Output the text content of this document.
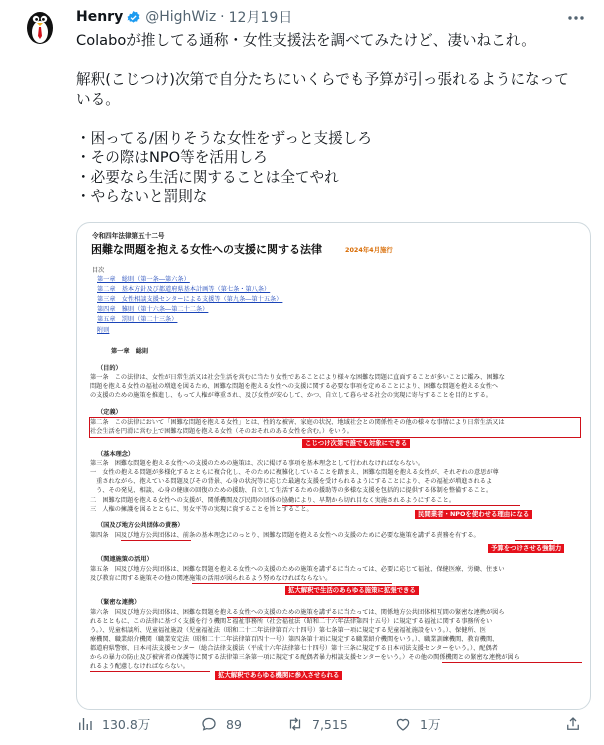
Henry @HighWiz · 12月19日

Colaboが推してる通称・女性支援法を調べてみたけど、凄いねこれ。

解釈(こじつけ)次第で自分たちにいくらでも予算が引っ張れるようになって

いる。

・困ってる/困りそうな女性をずっと支援しろ

・その際はNPO等を活用しろ

・必要なら生活に関することは全てやれ

・やらないと罰則な

令和四年法律第五十二号
困難な問題を抱える女性への支援に関する法律	2024年4月施行
目次
第一章　総則（第一条―第六条）
第二章　基本方針及び都道府県基本計画等（第七条・第八条）
第三章　女性相談支援センターによる支援等（第九条―第十五条）
第四章　雑則（第十六条―第二十二条）
第五章　罰則（第二十三条）
附則
第一章　総則
（目的）
第一条　この法律は、女性が日常生活又は社会生活を営むに当たり女性であることにより様々な困難な問題に直面することが多いことに鑑み、困難な
問題を抱える女性の福祉の増進を図るため、困難な問題を抱える女性への支援に関する必要な事項を定めることにより、困難な問題を抱える女性へ
の支援のための施策を推進し、もって人権が尊重され、及び女性が安心して、かつ、自立して暮らせる社会の実現に寄与することを目的とする。
（定義）
第二条　この法律において「困難な問題を抱える女性」とは、性的な被害、家庭の状況、地域社会との関係性その他の様々な事情により日常生活又は
社会生活を円滑に営む上で困難な問題を抱える女性（そのおそれのある女性を含む。）をいう。
こじつけ次第で誰でも対象にできる
（基本理念）
第三条　困難な問題を抱える女性への支援のための施策は、次に掲げる事項を基本理念として行われなければならない。
一　女性の抱える問題が多様化するとともに複合化し、そのために複雑化していることを踏まえ、困難な問題を抱える女性が、それぞれの意思が尊
　重されながら、抱えている問題及びその背景、心身の状況等に応じた最適な支援を受けられるようにすることにより、その福祉が増進されるよ
　う、その発見、相談、心身の健康の回復のための援助、自立して生活するための援助等の多様な支援を包括的に提供する体制を整備すること。
二　困難な問題を抱える女性への支援が、関係機関及び民間の団体の協働により、早期から切れ目なく実施されるようにすること。
三　人権の擁護を図るとともに、男女平等の実現に資することを旨とすること。
民間業者・NPOを使わせる理由になる
（国及び地方公共団体の責務）
第四条　国及び地方公共団体は、前条の基本理念にのっとり、困難な問題を抱える女性への支援のために必要な施策を講ずる責務を有する。
予算をつけさせる強制力
（関連施策の活用）
第五条　国及び地方公共団体は、困難な問題を抱える女性への支援のための施策を講ずるに当たっては、必要に応じて福祉、保健医療、労働、住まい
及び教育に関する施策その他の関連施策の活用が図られるよう努めなければならない。
拡大解釈で生活のあらゆる施策に拡張できる
（緊密な連携）
第六条　国及び地方公共団体は、困難な問題を抱える女性への支援のための施策を講ずるに当たっては、関係地方公共団体相互間の緊密な連携が図ら
れるとともに、この法律に基づく支援を行う機関と福祉事務所（社会福祉法（昭和二十六年法律第四十五号）に規定する福祉に関する事務所をい
う。）、児童相談所、児童福祉施設（児童福祉法（昭和二十二年法律第百六十四号）第七条第一項に規定する児童福祉施設をいう。）、保健所、医
療機関、職業紹介機関（職業安定法（昭和二十二年法律第百四十一号）第四条第十項に規定する職業紹介機関をいう。）、職業訓練機関、教育機関、
都道府県警察、日本司法支援センター（総合法律支援法（平成十六年法律第七十四号）第十三条に規定する日本司法支援センターをいう。）、配偶者
からの暴力の防止及び被害者の保護等に関する法律第三条第一項に規定する配偶者暴力相談支援センターをいう。）その他の関係機関との緊密な連携が図ら
れるよう配慮しなければならない。
拡大解釈であらゆる機関に参入させられる
130.8万	89	7,515	1万
